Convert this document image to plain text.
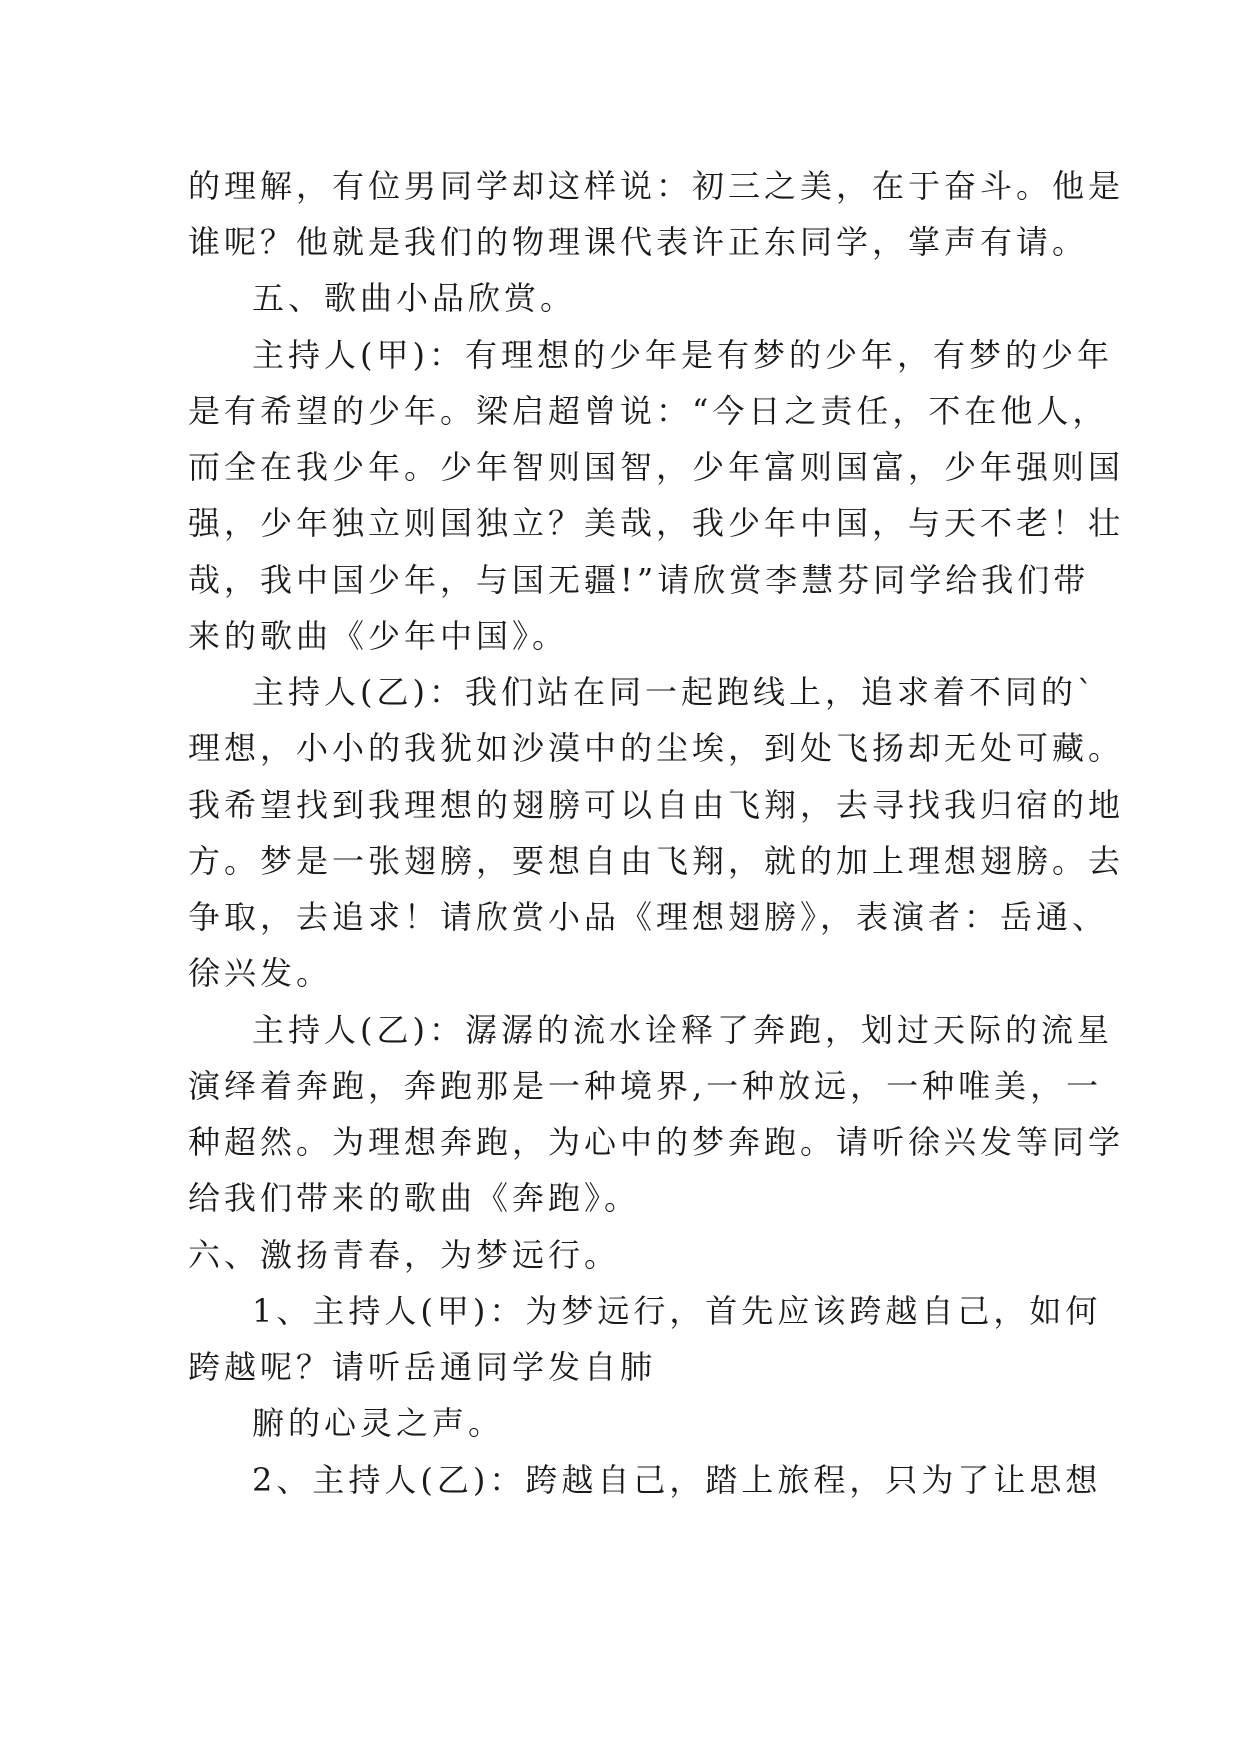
的理解，有位男同学却这样说：初三之美，在于奋斗。他是
谁呢？他就是我们的物理课代表许正东同学，掌声有请。
五、歌曲小品欣赏。
主持人(甲)：有理想的少年是有梦的少年，有梦的少年
是有希望的少年。梁启超曾说：“今日之责任，不在他人，
而全在我少年。少年智则国智，少年富则国富，少年强则国
强，少年独立则国独立？美哉，我少年中国，与天不老！壮
哉，我中国少年，与国无疆!”请欣赏李慧芬同学给我们带
来的歌曲《少年中国》。
主持人(乙)：我们站在同一起跑线上，追求着不同的`
理想，小小的我犹如沙漠中的尘埃，到处飞扬却无处可藏。
我希望找到我理想的翅膀可以自由飞翔，去寻找我归宿的地
方。梦是一张翅膀，要想自由飞翔，就的加上理想翅膀。去
争取，去追求！请欣赏小品《理想翅膀》，表演者：岳通、
徐兴发。
主持人(乙)：潺潺的流水诠释了奔跑，划过天际的流星
演绎着奔跑，奔跑那是一种境界,一种放远，一种唯美，一
种超然。为理想奔跑，为心中的梦奔跑。请听徐兴发等同学
给我们带来的歌曲《奔跑》。
六、激扬青春，为梦远行。
1、主持人(甲)：为梦远行，首先应该跨越自己，如何
跨越呢？请听岳通同学发自肺
腑的心灵之声。
2、主持人(乙)：跨越自己，踏上旅程，只为了让思想
